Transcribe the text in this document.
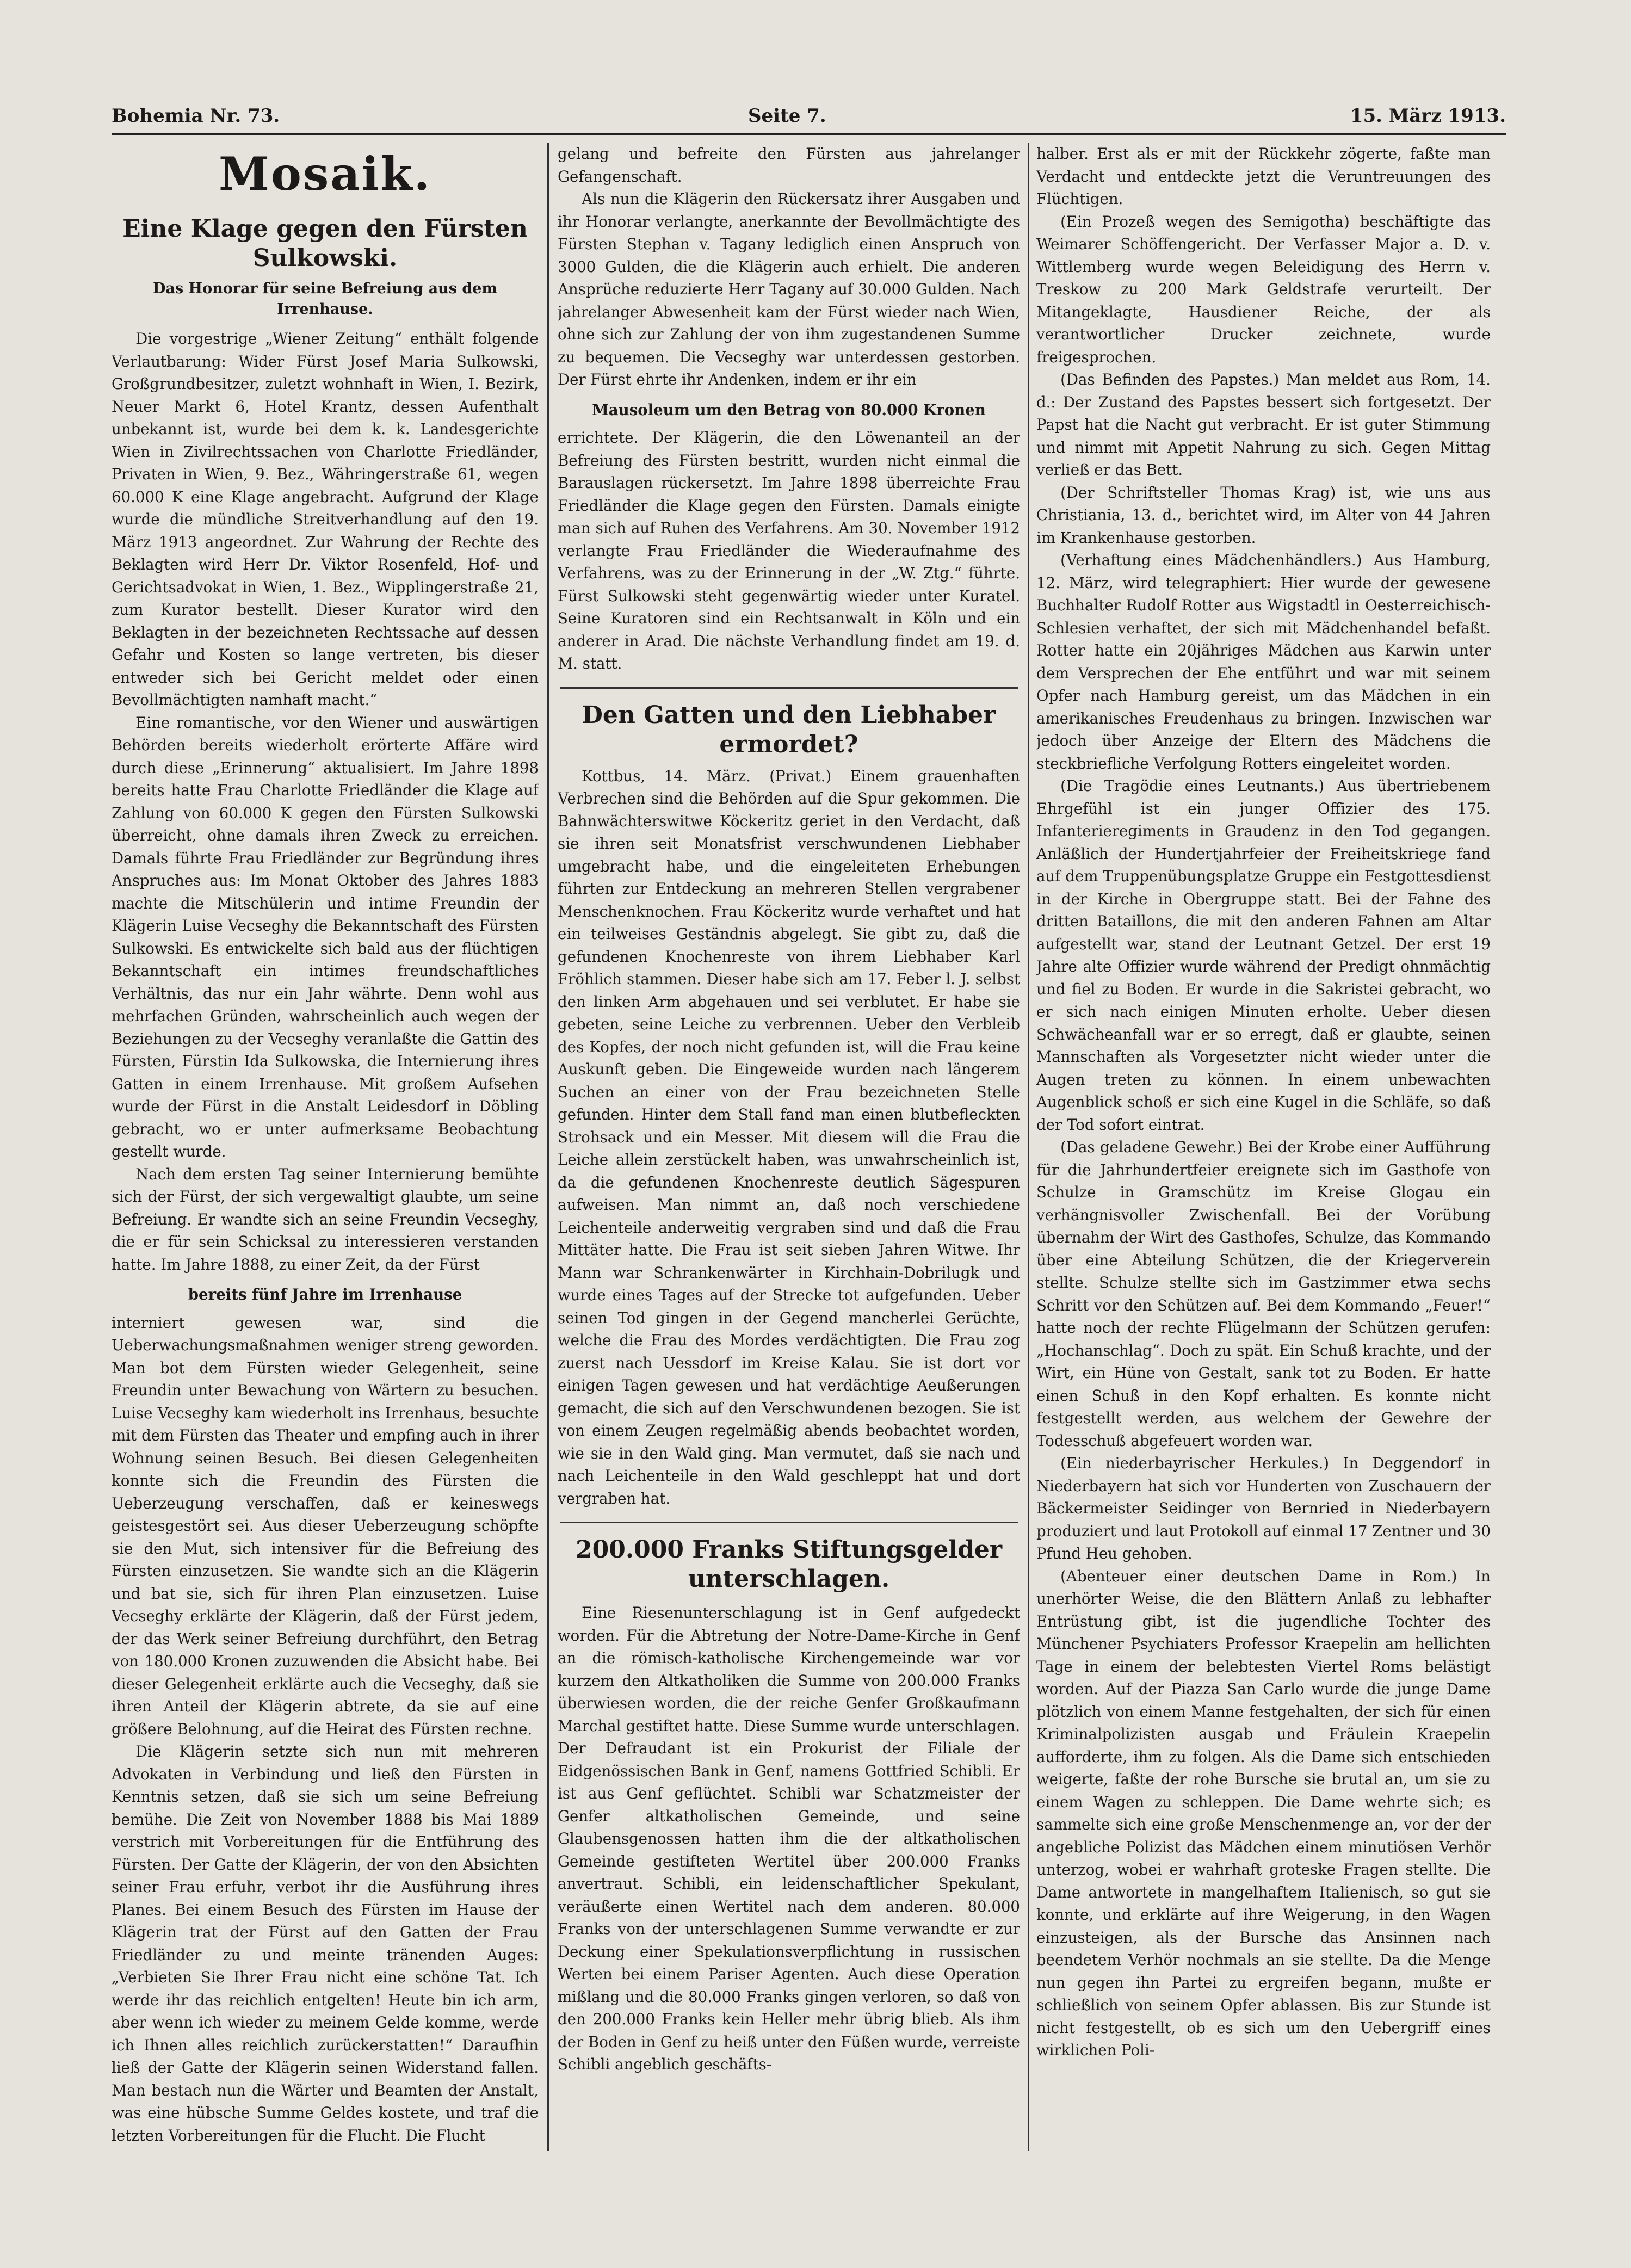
Bohemia Nr. 73.	Seite 7.	15. März 1913.
Mosaik.
Eine Klage gegen den Fürsten Sulkowski.
Das Honorar für seine Befreiung aus dem Irrenhause.

Die vorgestrige „Wiener Zeitung“ enthält folgende Verlautbarung: Wider Fürst Josef Maria Sulkowski, Großgrundbesitzer, zuletzt wohnhaft in Wien, I. Bezirk, Neuer Markt 6, Hotel Krantz, dessen Aufenthalt unbekannt ist, wurde bei dem k. k. Landesgerichte Wien in Zivilrechtssachen von Charlotte Friedländer, Privaten in Wien, 9. Bez., Währingerstraße 61, wegen 60.000 K eine Klage angebracht. Aufgrund der Klage wurde die mündliche Streitverhandlung auf den 19. März 1913 angeordnet. Zur Wahrung der Rechte des Beklagten wird Herr Dr. Viktor Rosenfeld, Hof- und Gerichtsadvokat in Wien, 1. Bez., Wipplingerstraße 21, zum Kurator bestellt. Dieser Kurator wird den Beklagten in der bezeichneten Rechtssache auf dessen Gefahr und Kosten so lange vertreten, bis dieser entweder sich bei Gericht meldet oder einen Bevollmächtigten namhaft macht.“

Eine romantische, vor den Wiener und auswärtigen Behörden bereits wiederholt erörterte Affäre wird durch diese „Erinnerung“ aktualisiert. Im Jahre 1898 bereits hatte Frau Charlotte Friedländer die Klage auf Zahlung von 60.000 K gegen den Fürsten Sulkowski überreicht, ohne damals ihren Zweck zu erreichen. Damals führte Frau Friedländer zur Begründung ihres Anspruches aus: Im Monat Oktober des Jahres 1883 machte die Mitschülerin und intime Freundin der Klägerin Luise Vecseghy die Bekanntschaft des Fürsten Sulkowski. Es entwickelte sich bald aus der flüchtigen Bekanntschaft ein intimes freundschaftliches Verhältnis, das nur ein Jahr währte. Denn wohl aus mehrfachen Gründen, wahrscheinlich auch wegen der Beziehungen zu der Vecseghy veranlaßte die Gattin des Fürsten, Fürstin Ida Sulkowska, die Internierung ihres Gatten in einem Irrenhause. Mit großem Aufsehen wurde der Fürst in die Anstalt Leidesdorf in Döbling gebracht, wo er unter aufmerksame Beobachtung gestellt wurde.

Nach dem ersten Tag seiner Internierung bemühte sich der Fürst, der sich vergewaltigt glaubte, um seine Befreiung. Er wandte sich an seine Freundin Vecseghy, die er für sein Schicksal zu interessieren verstanden hatte. Im Jahre 1888, zu einer Zeit, da der Fürst

bereits fünf Jahre im Irrenhause

interniert gewesen war, sind die Ueberwachungsmaßnahmen weniger streng geworden. Man bot dem Fürsten wieder Gelegenheit, seine Freundin unter Bewachung von Wärtern zu besuchen. Luise Vecseghy kam wiederholt ins Irrenhaus, besuchte mit dem Fürsten das Theater und empfing auch in ihrer Wohnung seinen Besuch. Bei diesen Gelegenheiten konnte sich die Freundin des Fürsten die Ueberzeugung verschaffen, daß er keineswegs geistesgestört sei. Aus dieser Ueberzeugung schöpfte sie den Mut, sich intensiver für die Befreiung des Fürsten einzusetzen. Sie wandte sich an die Klägerin und bat sie, sich für ihren Plan einzusetzen. Luise Vecseghy erklärte der Klägerin, daß der Fürst jedem, der das Werk seiner Befreiung durchführt, den Betrag von 180.000 Kronen zuzuwenden die Absicht habe. Bei dieser Gelegenheit erklärte auch die Vecseghy, daß sie ihren Anteil der Klägerin abtrete, da sie auf eine größere Belohnung, auf die Heirat des Fürsten rechne.

Die Klägerin setzte sich nun mit mehreren Advokaten in Verbindung und ließ den Fürsten in Kenntnis setzen, daß sie sich um seine Befreiung bemühe. Die Zeit von November 1888 bis Mai 1889 verstrich mit Vorbereitungen für die Entführung des Fürsten. Der Gatte der Klägerin, der von den Absichten seiner Frau erfuhr, verbot ihr die Ausführung ihres Planes. Bei einem Besuch des Fürsten im Hause der Klägerin trat der Fürst auf den Gatten der Frau Friedländer zu und meinte tränenden Auges: „Verbieten Sie Ihrer Frau nicht eine schöne Tat. Ich werde ihr das reichlich entgelten! Heute bin ich arm, aber wenn ich wieder zu meinem Gelde komme, werde ich Ihnen alles reichlich zurückerstatten!“ Daraufhin ließ der Gatte der Klägerin seinen Widerstand fallen. Man bestach nun die Wärter und Beamten der Anstalt, was eine hübsche Summe Geldes kostete, und traf die letzten Vorbereitungen für die Flucht. Die Flucht

gelang und befreite den Fürsten aus jahrelanger Gefangenschaft.

Als nun die Klägerin den Rückersatz ihrer Ausgaben und ihr Honorar verlangte, anerkannte der Bevollmächtigte des Fürsten Stephan v. Tagany lediglich einen Anspruch von 3000 Gulden, die die Klägerin auch erhielt. Die anderen Ansprüche reduzierte Herr Tagany auf 30.000 Gulden. Nach jahrelanger Abwesenheit kam der Fürst wieder nach Wien, ohne sich zur Zahlung der von ihm zugestandenen Summe zu bequemen. Die Vecseghy war unterdessen gestorben. Der Fürst ehrte ihr Andenken, indem er ihr ein

Mausoleum um den Betrag von 80.000 Kronen

errichtete. Der Klägerin, die den Löwenanteil an der Befreiung des Fürsten bestritt, wurden nicht einmal die Barauslagen rückersetzt. Im Jahre 1898 überreichte Frau Friedländer die Klage gegen den Fürsten. Damals einigte man sich auf Ruhen des Verfahrens. Am 30. November 1912 verlangte Frau Friedländer die Wiederaufnahme des Verfahrens, was zu der Erinnerung in der „W. Ztg.“ führte. Fürst Sulkowski steht gegenwärtig wieder unter Kuratel. Seine Kuratoren sind ein Rechtsanwalt in Köln und ein anderer in Arad. Die nächste Verhandlung findet am 19. d. M. statt.

Den Gatten und den Liebhaber ermordet?

Kottbus, 14. März. (Privat.) Einem grauenhaften Verbrechen sind die Behörden auf die Spur gekommen. Die Bahnwächterswitwe Köckeritz geriet in den Verdacht, daß sie ihren seit Monatsfrist verschwundenen Liebhaber umgebracht habe, und die eingeleiteten Erhebungen führten zur Entdeckung an mehreren Stellen vergrabener Menschenknochen. Frau Köckeritz wurde verhaftet und hat ein teilweises Geständnis abgelegt. Sie gibt zu, daß die gefundenen Knochenreste von ihrem Liebhaber Karl Fröhlich stammen. Dieser habe sich am 17. Feber l. J. selbst den linken Arm abgehauen und sei verblutet. Er habe sie gebeten, seine Leiche zu verbrennen. Ueber den Verbleib des Kopfes, der noch nicht gefunden ist, will die Frau keine Auskunft geben. Die Eingeweide wurden nach längerem Suchen an einer von der Frau bezeichneten Stelle gefunden. Hinter dem Stall fand man einen blutbefleckten Strohsack und ein Messer. Mit diesem will die Frau die Leiche allein zerstückelt haben, was unwahrscheinlich ist, da die gefundenen Knochenreste deutlich Sägespuren aufweisen. Man nimmt an, daß noch verschiedene Leichenteile anderweitig vergraben sind und daß die Frau Mittäter hatte. Die Frau ist seit sieben Jahren Witwe. Ihr Mann war Schrankenwärter in Kirchhain-Dobrilugk und wurde eines Tages auf der Strecke tot aufgefunden. Ueber seinen Tod gingen in der Gegend mancherlei Gerüchte, welche die Frau des Mordes verdächtigten. Die Frau zog zuerst nach Uessdorf im Kreise Kalau. Sie ist dort vor einigen Tagen gewesen und hat verdächtige Aeußerungen gemacht, die sich auf den Verschwundenen bezogen. Sie ist von einem Zeugen regelmäßig abends beobachtet worden, wie sie in den Wald ging. Man vermutet, daß sie nach und nach Leichenteile in den Wald geschleppt hat und dort vergraben hat.

200.000 Franks Stiftungsgelder unterschlagen.

Eine Riesenunterschlagung ist in Genf aufgedeckt worden. Für die Abtretung der Notre-Dame-Kirche in Genf an die römisch-katholische Kirchengemeinde war vor kurzem den Altkatholiken die Summe von 200.000 Franks überwiesen worden, die der reiche Genfer Großkaufmann Marchal gestiftet hatte. Diese Summe wurde unterschlagen. Der Defraudant ist ein Prokurist der Filiale der Eidgenössischen Bank in Genf, namens Gottfried Schibli. Er ist aus Genf geflüchtet. Schibli war Schatzmeister der Genfer altkatholischen Gemeinde, und seine Glaubensgenossen hatten ihm die der altkatholischen Gemeinde gestifteten Wertitel über 200.000 Franks anvertraut. Schibli, ein leidenschaftlicher Spekulant, veräußerte einen Wertitel nach dem anderen. 80.000 Franks von der unterschlagenen Summe verwandte er zur Deckung einer Spekulationsverpflichtung in russischen Werten bei einem Pariser Agenten. Auch diese Operation mißlang und die 80.000 Franks gingen verloren, so daß von den 200.000 Franks kein Heller mehr übrig blieb. Als ihm der Boden in Genf zu heiß unter den Füßen wurde, verreiste Schibli angeblich geschäfts-

halber. Erst als er mit der Rückkehr zögerte, faßte man Verdacht und entdeckte jetzt die Veruntreuungen des Flüchtigen.

(Ein Prozeß wegen des Semigotha) beschäftigte das Weimarer Schöffengericht. Der Verfasser Major a. D. v. Wittlemberg wurde wegen Beleidigung des Herrn v. Treskow zu 200 Mark Geldstrafe verurteilt. Der Mitangeklagte, Hausdiener Reiche, der als verantwortlicher Drucker zeichnete, wurde freigesprochen.

(Das Befinden des Papstes.) Man meldet aus Rom, 14. d.: Der Zustand des Papstes bessert sich fortgesetzt. Der Papst hat die Nacht gut verbracht. Er ist guter Stimmung und nimmt mit Appetit Nahrung zu sich. Gegen Mittag verließ er das Bett.

(Der Schriftsteller Thomas Krag) ist, wie uns aus Christiania, 13. d., berichtet wird, im Alter von 44 Jahren im Krankenhause gestorben.

(Verhaftung eines Mädchenhändlers.) Aus Hamburg, 12. März, wird telegraphiert: Hier wurde der gewesene Buchhalter Rudolf Rotter aus Wigstadtl in Oesterreichisch-Schlesien verhaftet, der sich mit Mädchenhandel befaßt. Rotter hatte ein 20jähriges Mädchen aus Karwin unter dem Versprechen der Ehe entführt und war mit seinem Opfer nach Hamburg gereist, um das Mädchen in ein amerikanisches Freudenhaus zu bringen. Inzwischen war jedoch über Anzeige der Eltern des Mädchens die steckbriefliche Verfolgung Rotters eingeleitet worden.

(Die Tragödie eines Leutnants.) Aus übertriebenem Ehrgefühl ist ein junger Offizier des 175. Infanterieregiments in Graudenz in den Tod gegangen. Anläßlich der Hundertjahrfeier der Freiheitskriege fand auf dem Truppenübungsplatze Gruppe ein Festgottesdienst in der Kirche in Obergruppe statt. Bei der Fahne des dritten Bataillons, die mit den anderen Fahnen am Altar aufgestellt war, stand der Leutnant Getzel. Der erst 19 Jahre alte Offizier wurde während der Predigt ohnmächtig und fiel zu Boden. Er wurde in die Sakristei gebracht, wo er sich nach einigen Minuten erholte. Ueber diesen Schwächeanfall war er so erregt, daß er glaubte, seinen Mannschaften als Vorgesetzter nicht wieder unter die Augen treten zu können. In einem unbewachten Augenblick schoß er sich eine Kugel in die Schläfe, so daß der Tod sofort eintrat.

(Das geladene Gewehr.) Bei der Krobe einer Aufführung für die Jahrhundertfeier ereignete sich im Gasthofe von Schulze in Gramschütz im Kreise Glogau ein verhängnisvoller Zwischenfall. Bei der Vorübung übernahm der Wirt des Gasthofes, Schulze, das Kommando über eine Abteilung Schützen, die der Kriegerverein stellte. Schulze stellte sich im Gastzimmer etwa sechs Schritt vor den Schützen auf. Bei dem Kommando „Feuer!“ hatte noch der rechte Flügelmann der Schützen gerufen: „Hochanschlag“. Doch zu spät. Ein Schuß krachte, und der Wirt, ein Hüne von Gestalt, sank tot zu Boden. Er hatte einen Schuß in den Kopf erhalten. Es konnte nicht festgestellt werden, aus welchem der Gewehre der Todesschuß abgefeuert worden war.

(Ein niederbayrischer Herkules.) In Deggendorf in Niederbayern hat sich vor Hunderten von Zuschauern der Bäckermeister Seidinger von Bernried in Niederbayern produziert und laut Protokoll auf einmal 17 Zentner und 30 Pfund Heu gehoben.

(Abenteuer einer deutschen Dame in Rom.) In unerhörter Weise, die den Blättern Anlaß zu lebhafter Entrüstung gibt, ist die jugendliche Tochter des Münchener Psychiaters Professor Kraepelin am hellichten Tage in einem der belebtesten Viertel Roms belästigt worden. Auf der Piazza San Carlo wurde die junge Dame plötzlich von einem Manne festgehalten, der sich für einen Kriminalpolizisten ausgab und Fräulein Kraepelin aufforderte, ihm zu folgen. Als die Dame sich entschieden weigerte, faßte der rohe Bursche sie brutal an, um sie zu einem Wagen zu schleppen. Die Dame wehrte sich; es sammelte sich eine große Menschenmenge an, vor der der angebliche Polizist das Mädchen einem minutiösen Verhör unterzog, wobei er wahrhaft groteske Fragen stellte. Die Dame antwortete in mangelhaftem Italienisch, so gut sie konnte, und erklärte auf ihre Weigerung, in den Wagen einzusteigen, als der Bursche das Ansinnen nach beendetem Verhör nochmals an sie stellte. Da die Menge nun gegen ihn Partei zu ergreifen begann, mußte er schließlich von seinem Opfer ablassen. Bis zur Stunde ist nicht festgestellt, ob es sich um den Uebergriff eines wirklichen Poli-
